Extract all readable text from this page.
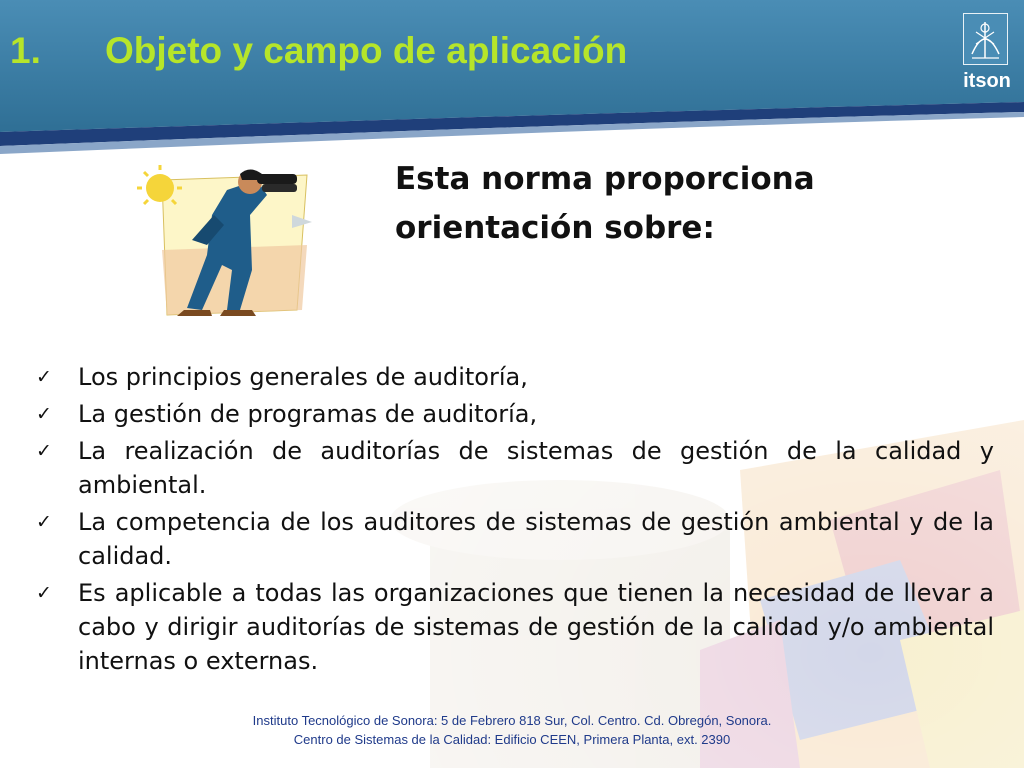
1. Objeto y campo de aplicación
itson

Esta norma proporciona
orientación sobre:

✓ Los principios generales de auditoría,
✓ La gestión de programas de auditoría,
✓ La realización de auditorías de sistemas de gestión de la calidad y ambiental.
✓ La competencia de los auditores de sistemas de gestión ambiental y de la calidad.
✓ Es aplicable a todas las organizaciones que tienen la necesidad de llevar a cabo y dirigir auditorías de sistemas de gestión de la calidad y/o ambiental internas o externas.
Instituto Tecnológico de Sonora: 5 de Febrero 818 Sur, Col. Centro. Cd. Obregón, Sonora.
Centro de Sistemas de la Calidad: Edificio CEEN, Primera Planta, ext. 2390
